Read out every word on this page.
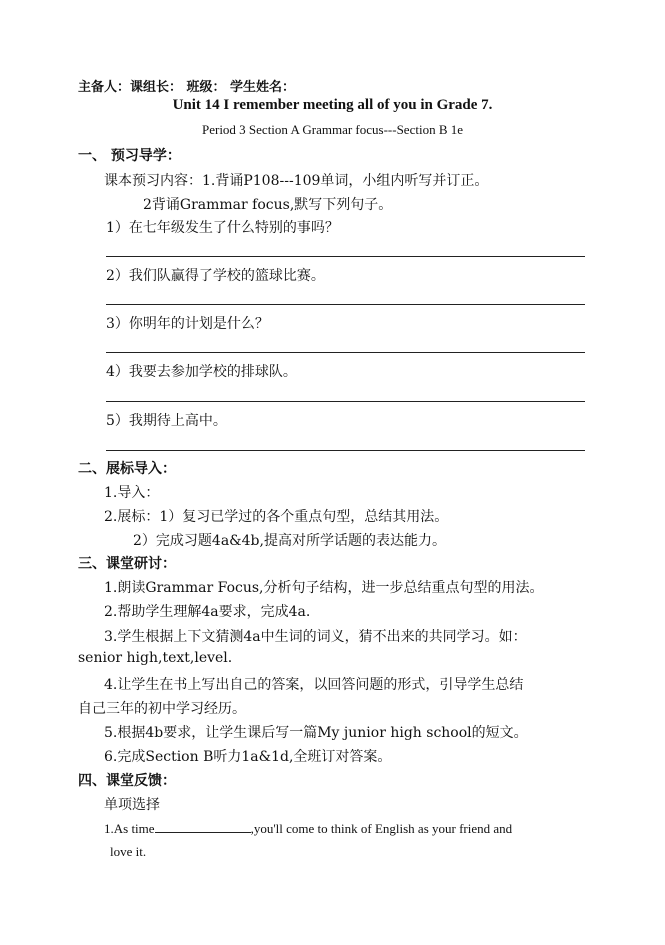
主备人：课组长： 班级： 学生姓名：
Unit 14 I remember meeting all of you in Grade 7.
Period 3 Section A Grammar focus---Section B 1e
一、 预习导学：
课本预习内容：1.背诵P108---109单词，小组内听写并订正。
2背诵Grammar focus,默写下列句子。
1）在七年级发生了什么特别的事吗？
2）我们队赢得了学校的篮球比赛。
3）你明年的计划是什么？
4）我要去参加学校的排球队。
5）我期待上高中。
二、展标导入：
1.导入：
2.展标：1）复习已学过的各个重点句型，总结其用法。
2）完成习题4a&4b,提高对所学话题的表达能力。
三、课堂研讨：
1.朗读Grammar Focus,分析句子结构，进一步总结重点句型的用法。
2.帮助学生理解4a要求，完成4a.
3.学生根据上下文猜测4a中生词的词义，猜不出来的共同学习。如：
senior high,text,level.
4.让学生在书上写出自己的答案，以回答问题的形式，引导学生总结
自己三年的初中学习经历。
5.根据4b要求，让学生课后写一篇My junior high school的短文。
6.完成Section B听力1a&1d,全班订对答案。
四、课堂反馈：
单项选择
1.As time	,you'll come to think of English as your friend and
love it.
